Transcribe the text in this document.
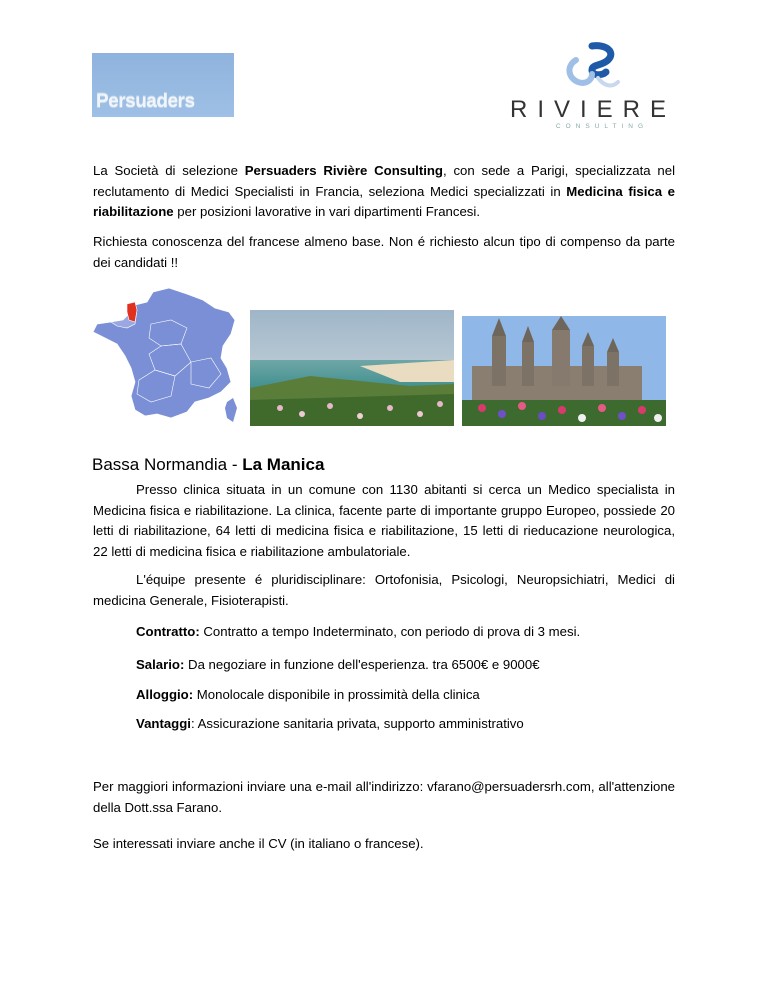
Persuaders	RIVIERE
CONSULTING

La Società di selezione Persuaders Rivière Consulting, con sede a Parigi, specializzata nel reclutamento di Medici Specialisti in Francia, seleziona Medici specializzati in Medicina fisica e riabilitazione per posizioni lavorative in vari dipartimenti Francesi.

Richiesta conoscenza del francese almeno base. Non é richiesto alcun tipo di compenso da parte dei candidati !!

Bassa Normandia - La Manica

Presso clinica situata in un comune con 1130 abitanti si cerca un Medico specialista in Medicina fisica e riabilitazione. La clinica, facente parte di importante gruppo Europeo, possiede 20 letti di riabilitazione, 64 letti di medicina fisica e riabilitazione, 15 letti di rieducazione neurologica, 22 letti di medicina fisica e riabilitazione ambulatoriale.

L'équipe presente é pluridisciplinare: Ortofonisia, Psicologi, Neuropsichiatri, Medici di medicina Generale, Fisioterapisti.

Contratto: Contratto a tempo Indeterminato, con periodo di prova di 3 mesi.
Salario: Da negoziare in funzione dell'esperienza. tra 6500€ e 9000€
Alloggio: Monolocale disponibile in prossimità della clinica
Vantaggi: Assicurazione sanitaria privata, supporto amministrativo

Per maggiori informazioni inviare una e-mail all'indirizzo: vfarano@persuadersrh.com, all'attenzione della Dott.ssa Farano.

Se interessati inviare anche il CV (in italiano o francese).
